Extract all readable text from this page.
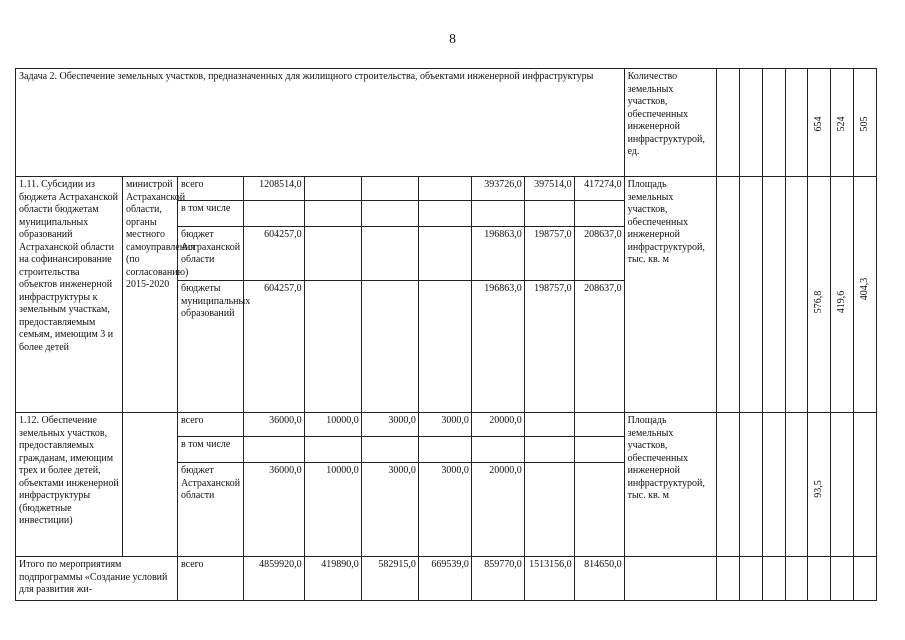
8
Задача 2. Обеспечение земельных участков, предназначенных для жилищного строительства, объектами инженерной инфраструктуры										Количество земельных участков, обеспеченных инженерной инфраструктурой, ед.					654	524	505

1.11. Субсидии из бюджета Астраханской области бюджетам муниципальных образований Астраханской области на софинансирование строительства объектов инженерной инфраструктуры к земельным участкам, предоставляемым семьям, имеющим 3 и более детей	министрой Астраханской области, органы местного самоуправления (по согласованию) 2015-2020	всего	1208514,0				393726,0	397514,0	417274,0	Площадь земельных участков, обеспеченных инженерной инфраструктурой, тыс. кв. м					576,8	419,6	404,3

		в том числе															
		бюджет Астраханской области	604257,0				196863,0	198757,0	208637,0								
		бюджеты муниципальных образований	604257,0				196863,0	198757,0	208637,0								
1.12. Обеспечение земельных участков, предоставляемых гражданам, имеющим трех и более детей, объектами инженерной инфраструктуры (бюджетные инвестиции)		всего	36000,0	10000,0	3000,0	3000,0	20000,0			Площадь земельных участков, обеспеченных инженерной инфраструктурой, тыс. кв. м					93,5		

		в том числе															
		бюджет Астраханской области	36000,0	10000,0	3000,0	3000,0	20000,0										
Итого по мероприятиям подпрограммы «Создание условий для развития жи-		всего	4859920,0	419890,0	582915,0	669539,0	859770,0	1513156,0	814650,0								
